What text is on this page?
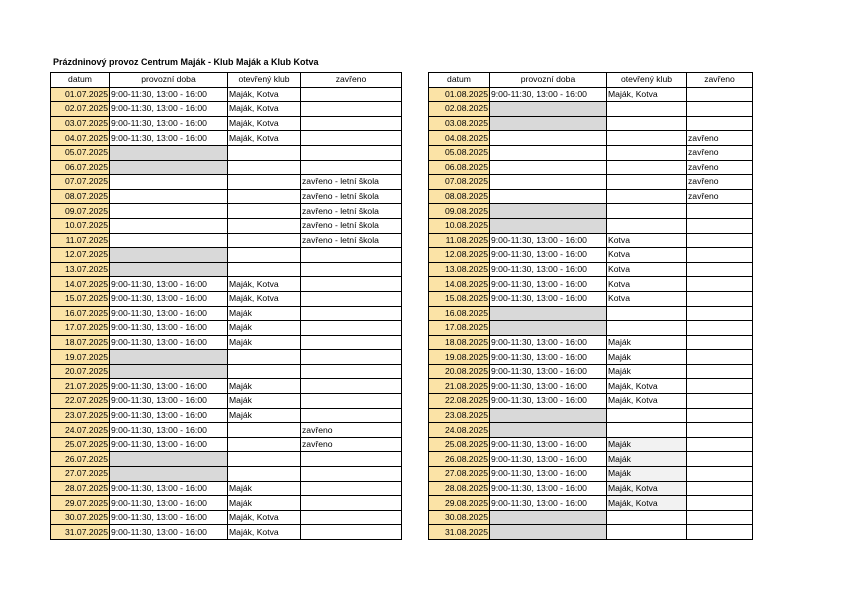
Prázdninový provoz Centrum Maják - Klub Maják a Klub Kotva
datum	provozní doba	otevřený klub	zavřeno
01.07.2025	9:00-11:30, 13:00 - 16:00	Maják, Kotva	
02.07.2025	9:00-11:30, 13:00 - 16:00	Maják, Kotva	
03.07.2025	9:00-11:30, 13:00 - 16:00	Maják, Kotva	
04.07.2025	9:00-11:30, 13:00 - 16:00	Maják, Kotva	
05.07.2025			
06.07.2025			
07.07.2025			zavřeno - letní škola
08.07.2025			zavřeno - letní škola
09.07.2025			zavřeno - letní škola
10.07.2025			zavřeno - letní škola
11.07.2025			zavřeno - letní škola
12.07.2025			
13.07.2025			
14.07.2025	9:00-11:30, 13:00 - 16:00	Maják, Kotva	
15.07.2025	9:00-11:30, 13:00 - 16:00	Maják, Kotva	
16.07.2025	9:00-11:30, 13:00 - 16:00	Maják	
17.07.2025	9:00-11:30, 13:00 - 16:00	Maják	
18.07.2025	9:00-11:30, 13:00 - 16:00	Maják	
19.07.2025			
20.07.2025			
21.07.2025	9:00-11:30, 13:00 - 16:00	Maják	
22.07.2025	9:00-11:30, 13:00 - 16:00	Maják	
23.07.2025	9:00-11:30, 13:00 - 16:00	Maják	
24.07.2025	9:00-11:30, 13:00 - 16:00		zavřeno
25.07.2025	9:00-11:30, 13:00 - 16:00		zavřeno
26.07.2025			
27.07.2025			
28.07.2025	9:00-11:30, 13:00 - 16:00	Maják	
29.07.2025	9:00-11:30, 13:00 - 16:00	Maják	
30.07.2025	9:00-11:30, 13:00 - 16:00	Maják, Kotva	
31.07.2025	9:00-11:30, 13:00 - 16:00	Maják, Kotva	
datum	provozní doba	otevřený klub	zavřeno
01.08.2025	9:00-11:30, 13:00 - 16:00	Maják, Kotva	
02.08.2025			
03.08.2025			
04.08.2025			zavřeno
05.08.2025			zavřeno
06.08.2025			zavřeno
07.08.2025			zavřeno
08.08.2025			zavřeno
09.08.2025			
10.08.2025			
11.08.2025	9:00-11:30, 13:00 - 16:00	Kotva	
12.08.2025	9:00-11:30, 13:00 - 16:00	Kotva	
13.08.2025	9:00-11:30, 13:00 - 16:00	Kotva	
14.08.2025	9:00-11:30, 13:00 - 16:00	Kotva	
15.08.2025	9:00-11:30, 13:00 - 16:00	Kotva	
16.08.2025			
17.08.2025			
18.08.2025	9:00-11:30, 13:00 - 16:00	Maják	
19.08.2025	9:00-11:30, 13:00 - 16:00	Maják	
20.08.2025	9:00-11:30, 13:00 - 16:00	Maják	
21.08.2025	9:00-11:30, 13:00 - 16:00	Maják, Kotva	
22.08.2025	9:00-11:30, 13:00 - 16:00	Maják, Kotva	
23.08.2025			
24.08.2025			
25.08.2025	9:00-11:30, 13:00 - 16:00	Maják	
26.08.2025	9:00-11:30, 13:00 - 16:00	Maják	
27.08.2025	9:00-11:30, 13:00 - 16:00	Maják	
28.08.2025	9:00-11:30, 13:00 - 16:00	Maják, Kotva	
29.08.2025	9:00-11:30, 13:00 - 16:00	Maják, Kotva	
30.08.2025			
31.08.2025			
